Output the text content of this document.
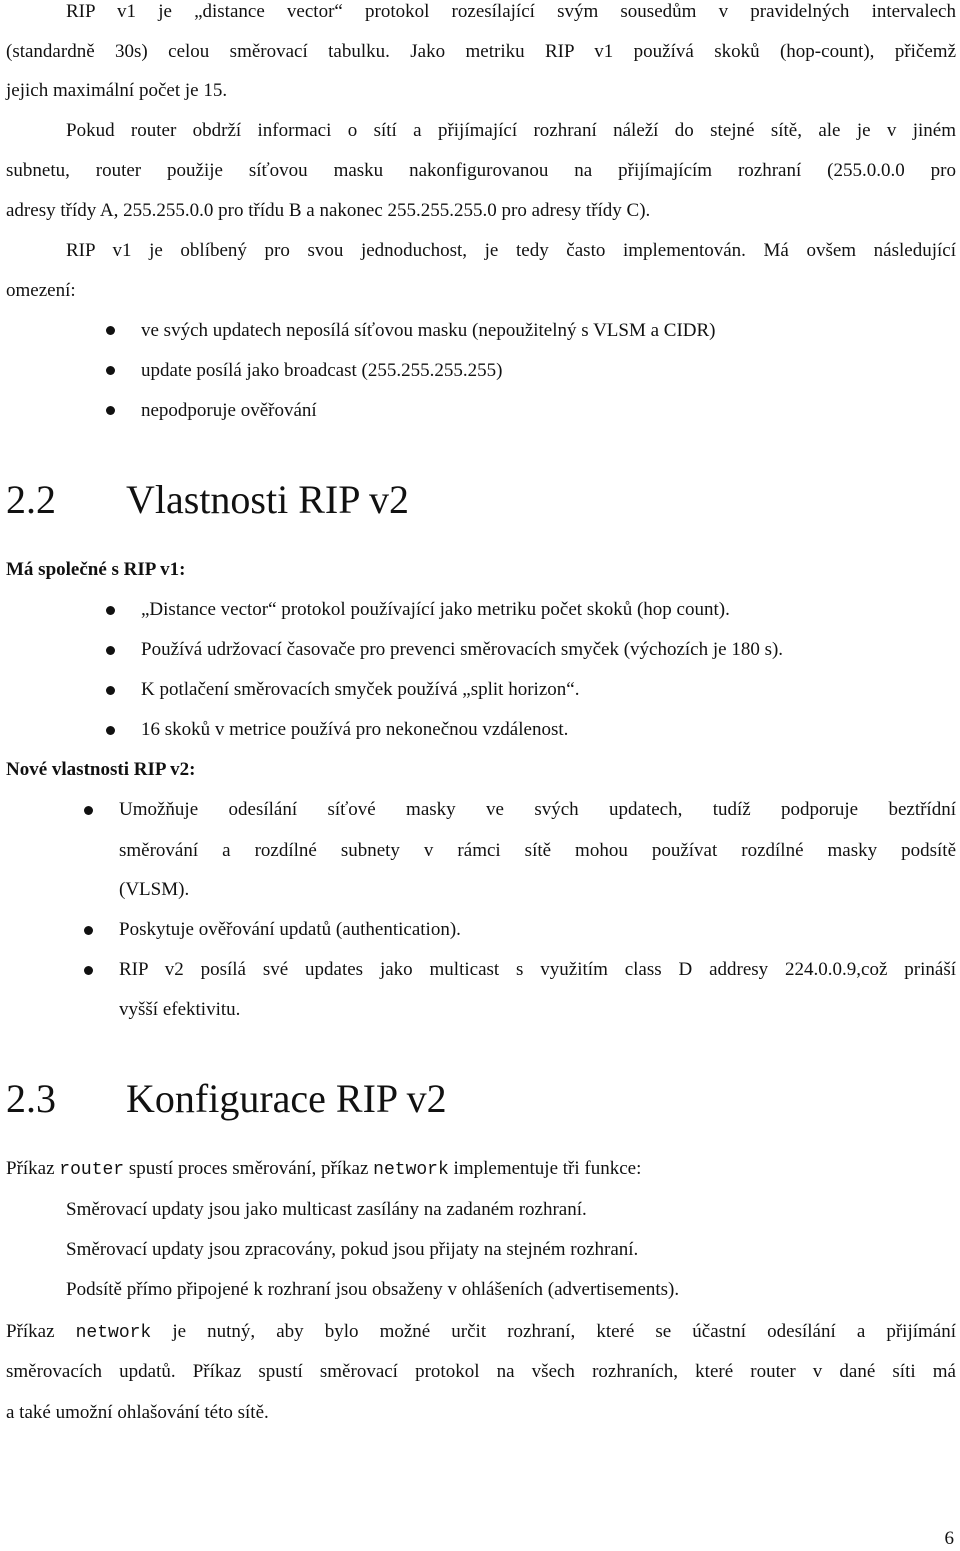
RIP v1 je „distance vector“ protokol rozesílající svým sousedům v pravidelných intervalech
(standardně 30s) celou směrovací tabulku. Jako metriku RIP v1 používá skoků (hop-count), přičemž
jejich maximální počet je 15.
Pokud router obdrží informaci o sítí a přijímající rozhraní náleží do stejné sítě, ale je v jiném
subnetu, router použije síťovou masku nakonfigurovanou na přijímajícím rozhraní (255.0.0.0 pro
adresy třídy A, 255.255.0.0 pro třídu B a nakonec 255.255.255.0 pro adresy třídy C).
RIP v1 je oblíbený pro svou jednoduchost, je tedy často implementován. Má ovšem následující
omezení:
ve svých updatech neposílá síťovou masku (nepoužitelný s VLSM a CIDR)
update posílá jako broadcast (255.255.255.255)
nepodporuje ověřování
2.2 Vlastnosti RIP v2
Má společné s RIP v1:
„Distance vector“ protokol používající jako metriku počet skoků (hop count).
Používá udržovací časovače pro prevenci směrovacích smyček (výchozích je 180 s).
K potlačení směrovacích smyček používá „split horizon“.
16 skoků v metrice používá pro nekonečnou vzdálenost.
Nové vlastnosti RIP v2:
Umožňuje odesílání síťové masky ve svých updatech, tudíž podporuje beztřídní
směrování a rozdílné subnety v rámci sítě mohou používat rozdílné masky podsítě
(VLSM).
Poskytuje ověřování updatů (authentication).
RIP v2 posílá své updates jako multicast s využitím class D addresy 224.0.0.9,což prináší
vyšší efektivitu.
2.3 Konfigurace RIP v2
Příkaz router spustí proces směrování, příkaz network implementuje tři funkce:
Směrovací updaty jsou jako multicast zasílány na zadaném rozhraní.
Směrovací updaty jsou zpracovány, pokud jsou přijaty na stejném rozhraní.
Podsítě přímo připojené k rozhraní jsou obsaženy v ohlášeních (advertisements).
Příkaz network je nutný, aby bylo možné určit rozhraní, které se účastní odesílání a přijímání
směrovacích updatů. Příkaz spustí směrovací protokol na všech rozhraních, které router v dané síti má
a také umožní ohlašování této sítě.
6
